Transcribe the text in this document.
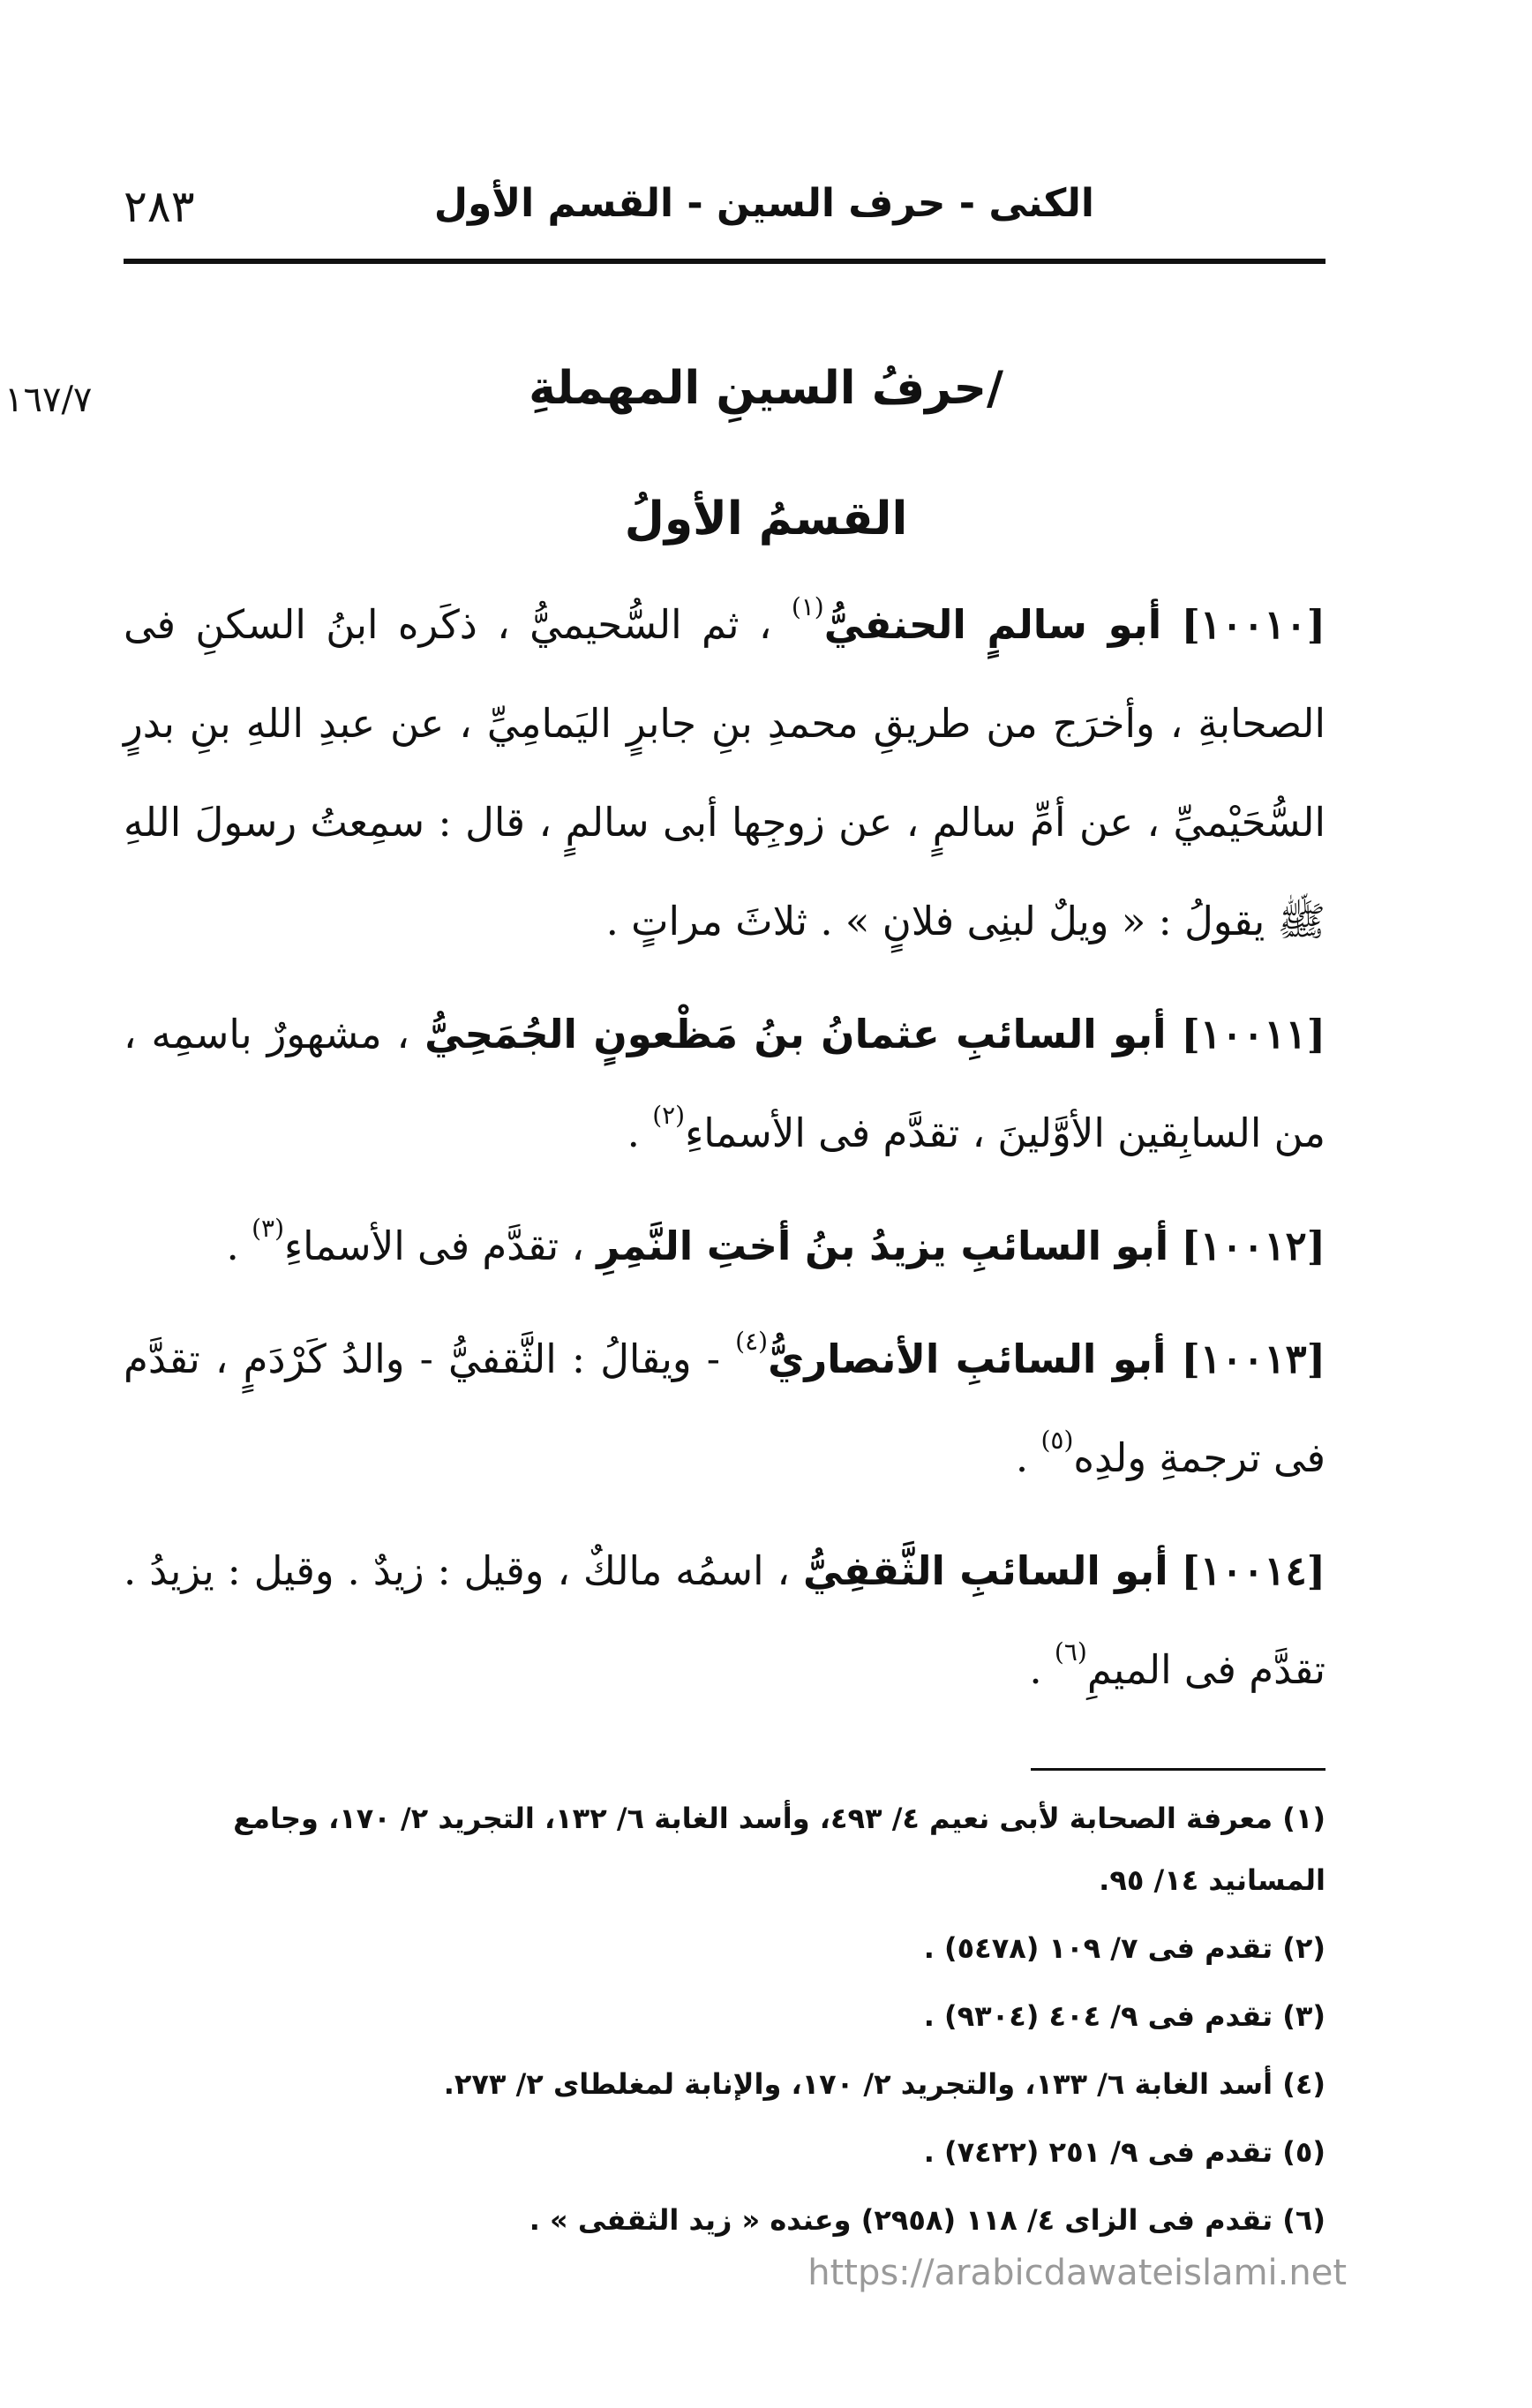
الكنى - حرف السين - القسم الأول
٢٨٣
١٦٧/٧	/حرفُ السينِ المهملةِ
القسمُ الأولُ

[١٠٠١٠] أبو سالمٍ الحنفيُّ$^{(١)}$ ، ثم السُّحيميُّ ، ذكَره ابنُ السكنِ فى الصحابةِ ، وأخرَج من طريقِ محمدِ بنِ جابرٍ اليَمامِيِّ ، عن عبدِ اللهِ بنِ بدرٍ السُّحَيْميِّ ، عن أمِّ سالمٍ ، عن زوجِها أبى سالمٍ ، قال : سمِعتُ رسولَ اللهِ ﷺ يقولُ : « ويلٌ لبنِى فلانٍ » . ثلاثَ مراتٍ .

[١٠٠١١] أبو السائبِ عثمانُ بنُ مَظْعونٍ الجُمَحِيُّ ، مشهورٌ باسمِه ، من السابِقين الأوَّلينَ ، تقدَّم فى الأسماءِ$^{(٢)}$ .

[١٠٠١٢] أبو السائبِ يزيدُ بنُ أختِ النَّمِرِ ، تقدَّم فى الأسماءِ$^{(٣)}$ .

[١٠٠١٣] أبو السائبِ الأنصاريُّ$^{(٤)}$ - ويقالُ : الثَّقفيُّ - والدُ كَرْدَمٍ ، تقدَّم فى ترجمةِ ولدِه$^{(٥)}$ .

[١٠٠١٤] أبو السائبِ الثَّقفِيُّ ، اسمُه مالكٌ ، وقيل : زيدٌ . وقيل : يزيدُ . تقدَّم فى الميمِ$^{(٦)}$ .

(١) معرفة الصحابة لأبى نعيم ٤/ ٤٩٣، وأسد الغابة ٦/ ١٣٢، التجريد ٢/ ١٧٠، وجامع المسانيد ١٤/ ٩٥.

(٢) تقدم فى ٧/ ١٠٩ (٥٤٧٨) .

(٣) تقدم فى ٩/ ٤٠٤ (٩٣٠٤) .

(٤) أسد الغابة ٦/ ١٣٣، والتجريد ٢/ ١٧٠، والإنابة لمغلطاى ٢/ ٢٧٣.

(٥) تقدم فى ٩/ ٢٥١ (٧٤٢٢) .

(٦) تقدم فى الزاى ٤/ ١١٨ (٢٩٥٨) وعنده « زيد الثقفى » .

https://arabicdawateislami.net
